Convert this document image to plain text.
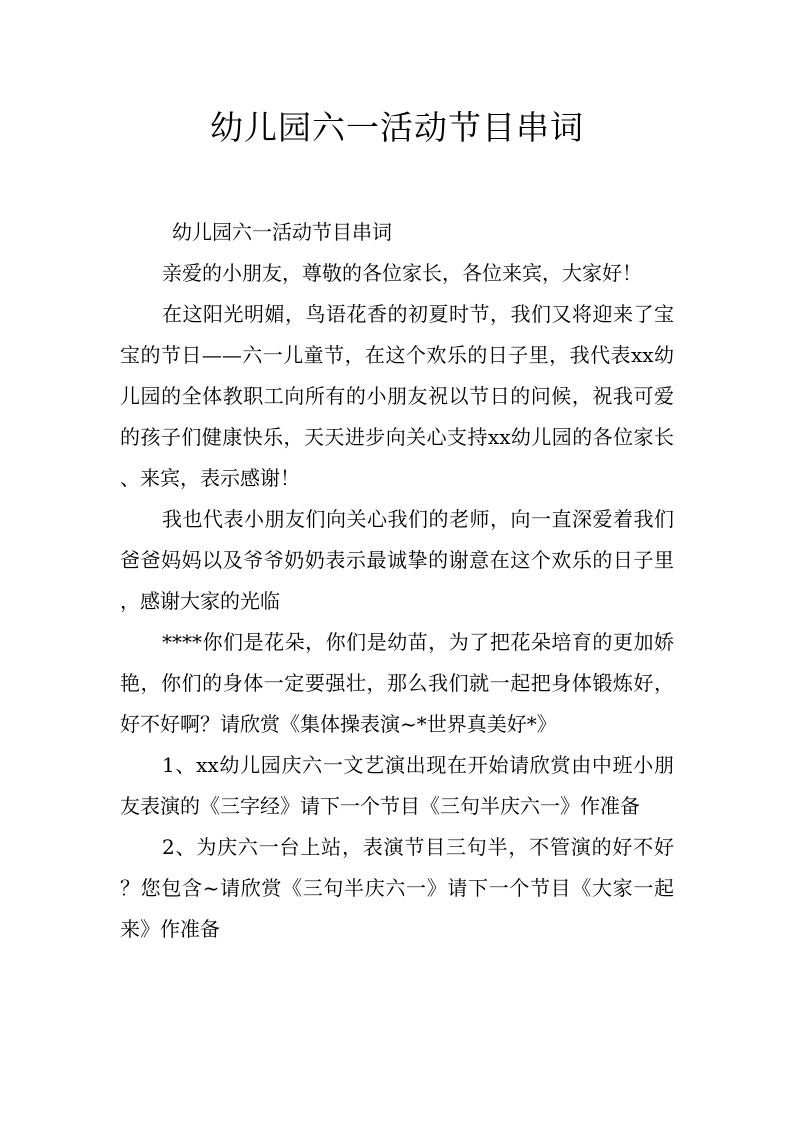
幼儿园六一活动节目串词

幼儿园六一活动节目串词

亲爱的小朋友，尊敬的各位家长，各位来宾，大家好！

在这阳光明媚，鸟语花香的初夏时节，我们又将迎来了宝宝的节日——六一儿童节，在这个欢乐的日子里，我代表xx幼儿园的全体教职工向所有的小朋友祝以节日的问候，祝我可爱的孩子们健康快乐，天天进步向关心支持xx幼儿园的各位家长、来宾，表示感谢！

我也代表小朋友们向关心我们的老师，向一直深爱着我们爸爸妈妈以及爷爷奶奶表示最诚挚的谢意在这个欢乐的日子里，感谢大家的光临

****你们是花朵，你们是幼苗，为了把花朵培育的更加娇艳，你们的身体一定要强壮，那么我们就一起把身体锻炼好，好不好啊？请欣赏《集体操表演~*世界真美好*》

1、xx幼儿园庆六一文艺演出现在开始请欣赏由中班小朋友表演的《三字经》请下一个节目《三句半庆六一》作准备

2、为庆六一台上站，表演节目三句半，不管演的好不好？您包含~请欣赏《三句半庆六一》请下一个节目《大家一起来》作准备
